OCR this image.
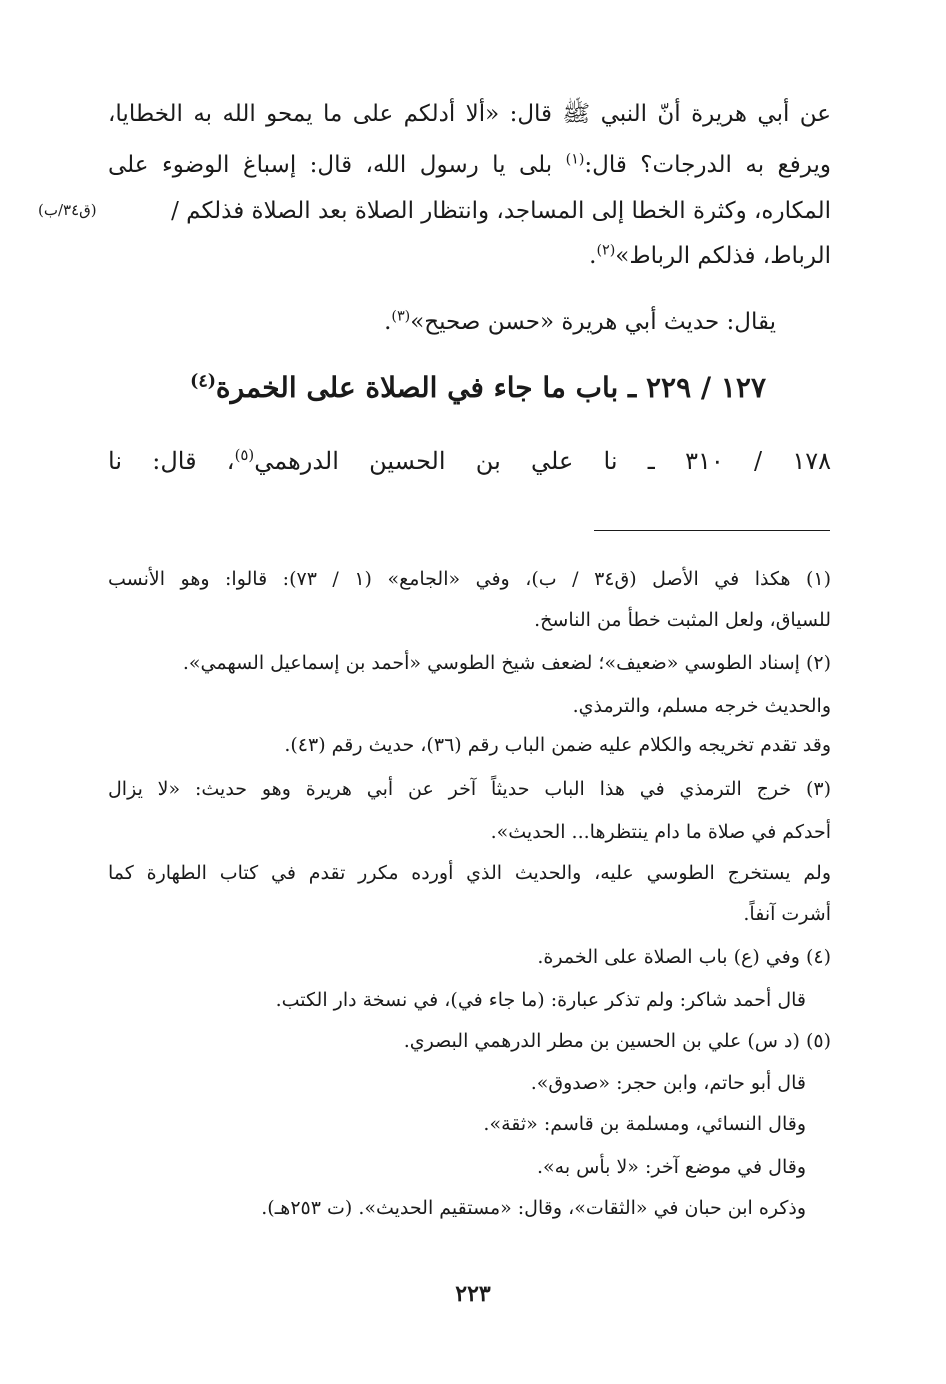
عن أبي هريرة أنّ النبي ﷺ قال: «ألا أدلكم على ما يمحو الله به الخطايا،
ويرفع به الدرجات؟ قال:$^{(١)}$ بلى يا رسول الله، قال: إسباغ الوضوء على
المكاره، وكثرة الخطا إلى المساجد، وانتظار الصلاة بعد الصلاة فذلكم /
(ق٣٤/ب)
الرباط، فذلكم الرباط»$^{(٢)}$.
يقال: حديث أبي هريرة «حسن صحيح»$^{(٣)}$.
١٢٧ / ٢٢٩ ـ باب ما جاء في الصلاة على الخمرة$^{(٤)}$
١٧٨ / ٣١٠ ـ نا علي بن الحسين الدرهمي$^{(٥)}$، قال: نا
(١) هكذا في الأصل (ق٣٤ / ب)، وفي «الجامع» (١ / ٧٣): قالوا: وهو الأنسب
للسياق، ولعل المثبت خطأ من الناسخ.
(٢) إسناد الطوسي «ضعيف»؛ لضعف شيخ الطوسي «أحمد بن إسماعيل السهمي».
والحديث خرجه مسلم، والترمذي.
وقد تقدم تخريجه والكلام عليه ضمن الباب رقم (٣٦)، حديث رقم (٤٣).
(٣) خرج الترمذي في هذا الباب حديثاً آخر عن أبي هريرة وهو حديث: «لا يزال
أحدكم في صلاة ما دام ينتظرها... الحديث».
ولم يستخرج الطوسي عليه، والحديث الذي أورده مكرر تقدم في كتاب الطهارة كما
أشرت آنفاً.
(٤) وفي (ع) باب الصلاة على الخمرة.
قال أحمد شاكر: ولم تذكر عبارة: (ما جاء في)، في نسخة دار الكتب.
(٥) (د س) علي بن الحسين بن مطر الدرهمي البصري.
قال أبو حاتم، وابن حجر: «صدوق».
وقال النسائي، ومسلمة بن قاسم: «ثقة».
وقال في موضع آخر: «لا بأس به».
وذكره ابن حبان في «الثقات»، وقال: «مستقيم الحديث». (ت ٢٥٣هـ).
٢٢٣
